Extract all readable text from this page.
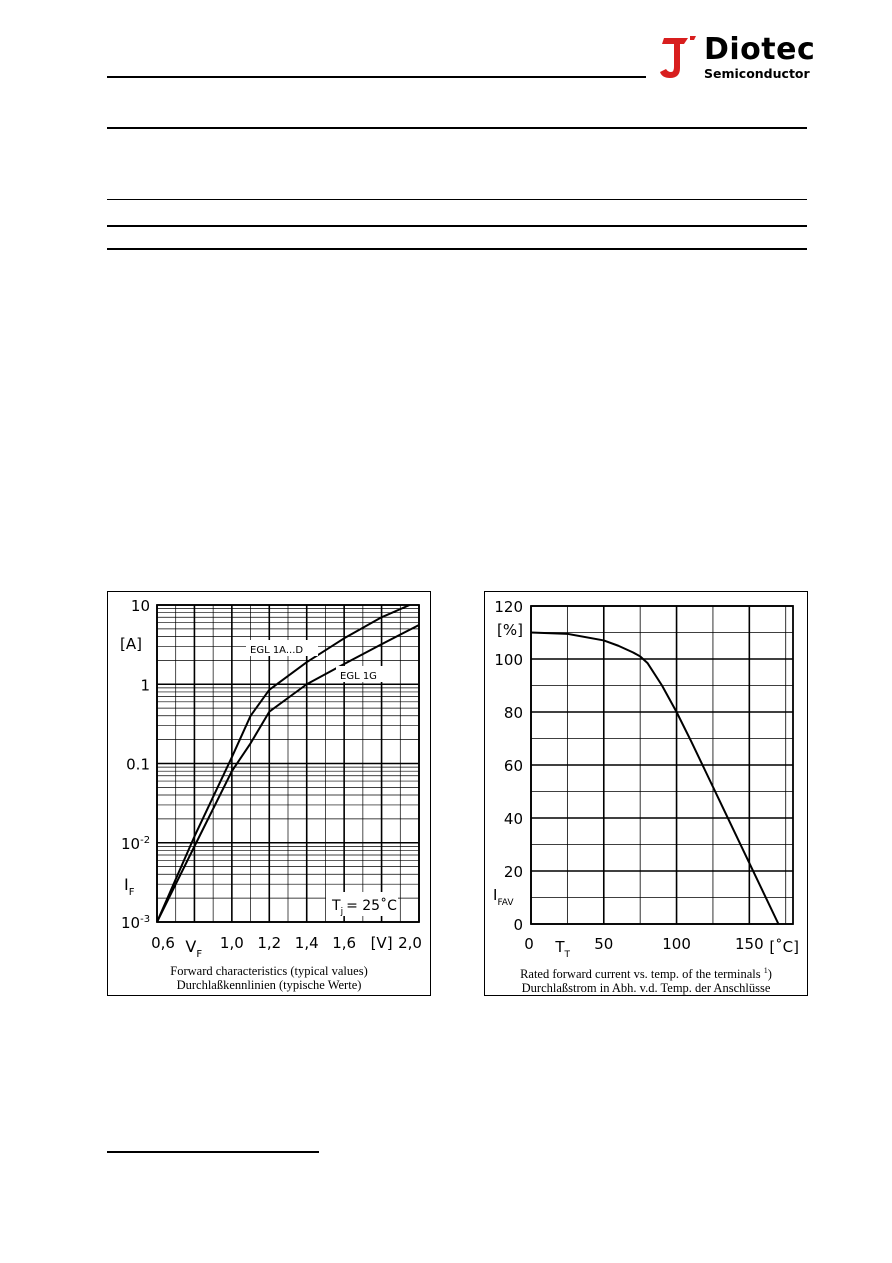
Diotec
Semiconductor
10
1
0.1
$10^{-2}$
$10^{-3}$
[A]
$I_F$
0,6	1,0 1,2 1,4 1,6 [V] 2,0
$V_F$
$T_j$ = 25˚C
EGL 1A...D
EGL 1G
Forward characteristics (typical values)
Durchlaßkennlinien (typische Werte)
120
100
80
60
40
20
0
[%]
$I_{FAV}$
0	50	100	150 [˚C]
$T_T$
Rated forward current vs. temp. of the terminals $^1$)
Durchlaßstrom in Abh. v.d. Temp. der Anschlüsse
